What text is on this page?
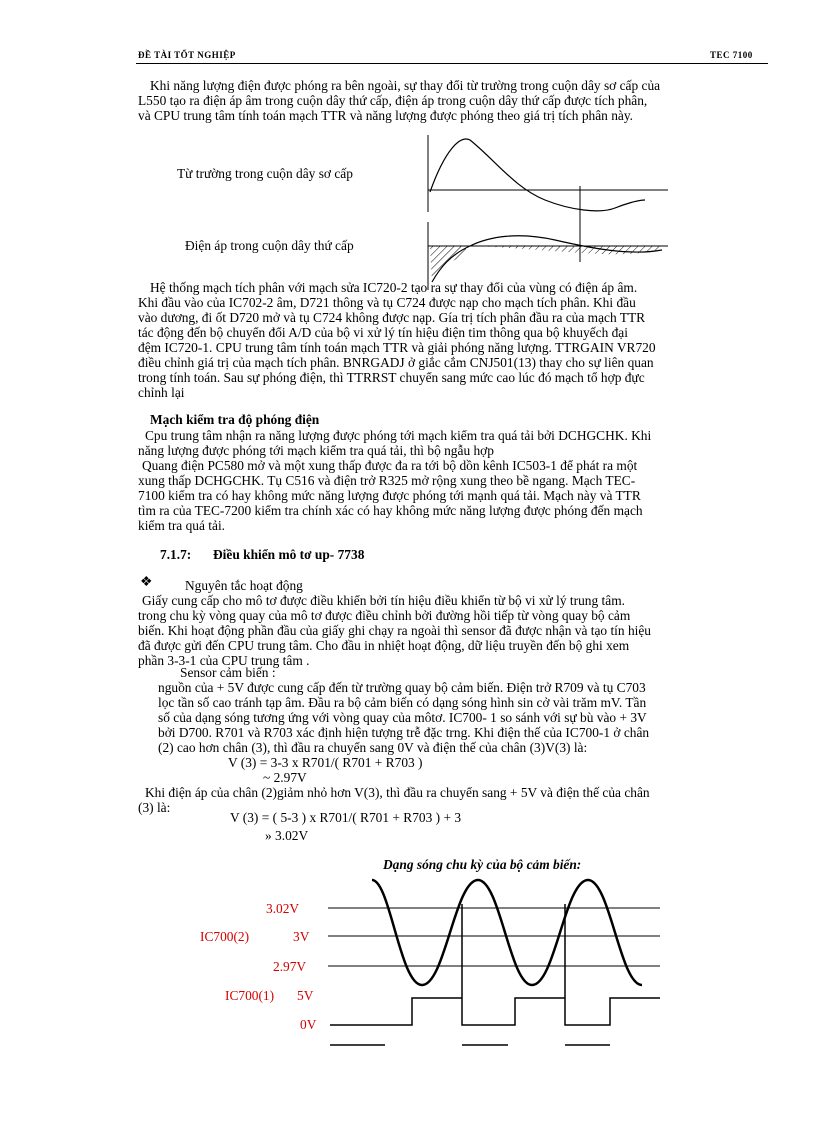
ĐỀ TÀI TỐT NGHIỆP	TEC 7100
Khi năng lượng điện được phóng ra bên ngoài, sự thay đổi từ trường trong cuộn dây sơ cấp của
L550 tạo ra điện áp âm trong cuộn dây thứ cấp, điện áp trong cuộn dây thứ cấp được tích phân,
và CPU trung tâm tính toán mạch TTR và năng lượng được phóng theo giá trị tích phân này.
Từ trường trong cuộn dây sơ cấp
Điện áp trong cuộn dây thứ cấp
Hệ thống mạch tích phân với mạch sửa IC720-2 tạo ra sự thay đổi của vùng có điện áp âm.
Khi đầu vào của IC702-2 âm, D721 thông và tụ C724 được nạp cho mạch tích phân. Khi đầu
vào dương, đi ốt D720 mở và tụ C724 không được nạp. Gía trị tích phân đầu ra của mạch TTR
tác động đến bộ chuyển đổi A/D của bộ vi xử lý tín hiệu điện tim thông qua bộ khuyếch đại
đệm IC720-1. CPU trung tâm tính toán mạch TTR và giải phóng năng lượng. TTRGAIN VR720
điều chỉnh giá trị của mạch tích phân. BNRGADJ ở giắc cắm CNJ501(13) thay cho sự liên quan
trong tính toán. Sau sự phóng điện, thì TTRRST chuyển sang mức cao lúc đó mạch tổ hợp đực
chỉnh lại
Mạch kiểm tra độ phóng điện
Cpu trung tâm nhận ra năng lượng được phóng tới mạch kiểm tra quá tải bởi DCHGCHK. Khi
năng lượng được phóng tới mạch kiểm tra quá tải, thì bộ ngẫu hợp
Quang điện PC580 mở và một xung thấp được đa ra tới bộ dồn kênh IC503-1 để phát ra một
xung thấp DCHGCHK. Tụ C516 và điện trở R325 mở rộng xung theo bề ngang. Mạch TEC-
7100 kiểm tra có hay không mức năng lượng được phóng tới mạnh quá tải. Mạch này và TTR
tìm ra của TEC-7200 kiểm tra chính xác có hay không mức năng lượng được phóng đến mạch
kiểm tra quá tải.
7.1.7: Điều khiển mô tơ up- 7738
❖ Nguyên tắc hoạt động
Giấy cung cấp cho mô tơ được điều khiển bởi tín hiệu điều khiển từ bộ vi xử lý trung tâm.
trong chu kỳ vòng quay của mô tơ được điều chỉnh bởi đường hồi tiếp từ vòng quay bộ cảm
biến. Khi hoạt động phần đầu của giấy ghi chạy ra ngoài thì sensor đã được nhận và tạo tín hiệu
đã được gửi đến CPU trung tâm. Cho đầu in nhiệt hoạt động, dữ liệu truyền đến bộ ghi xem
phần 3-3-1 của CPU trung tâm .
Sensor cảm biến :
nguồn của + 5V được cung cấp đến từ trường quay bộ cảm biến. Điện trở R709 và tụ C703
lọc tần số cao tránh tạp âm. Đầu ra bộ cảm biến có dạng sóng hình sin cở vài trăm mV. Tần
số của dạng sóng tương ứng với vòng quay của môtơ. IC700- 1 so sánh với sự bù vào + 3V
bởi D700. R701 và R703 xác định hiện tượng trễ đặc trng. Khi điện thế của IC700-1 ở chân
(2) cao hơn chân (3), thì đầu ra chuyển sang 0V và điện thế của chân (3)V(3) là:
V (3) = 3-3 x R701/( R701 + R703 )
~ 2.97V
Khi điện áp của chân (2)giảm nhỏ hơn V(3), thì đầu ra chuyển sang + 5V và điện thế của chân
(3) là:
V (3) = ( 5-3 ) x R701/( R701 + R703 ) + 3
» 3.02V
Dạng sóng chu kỳ của bộ cảm biến:
3.02V
IC700(2)	3V
2.97V
IC700(1) 5V
0V
